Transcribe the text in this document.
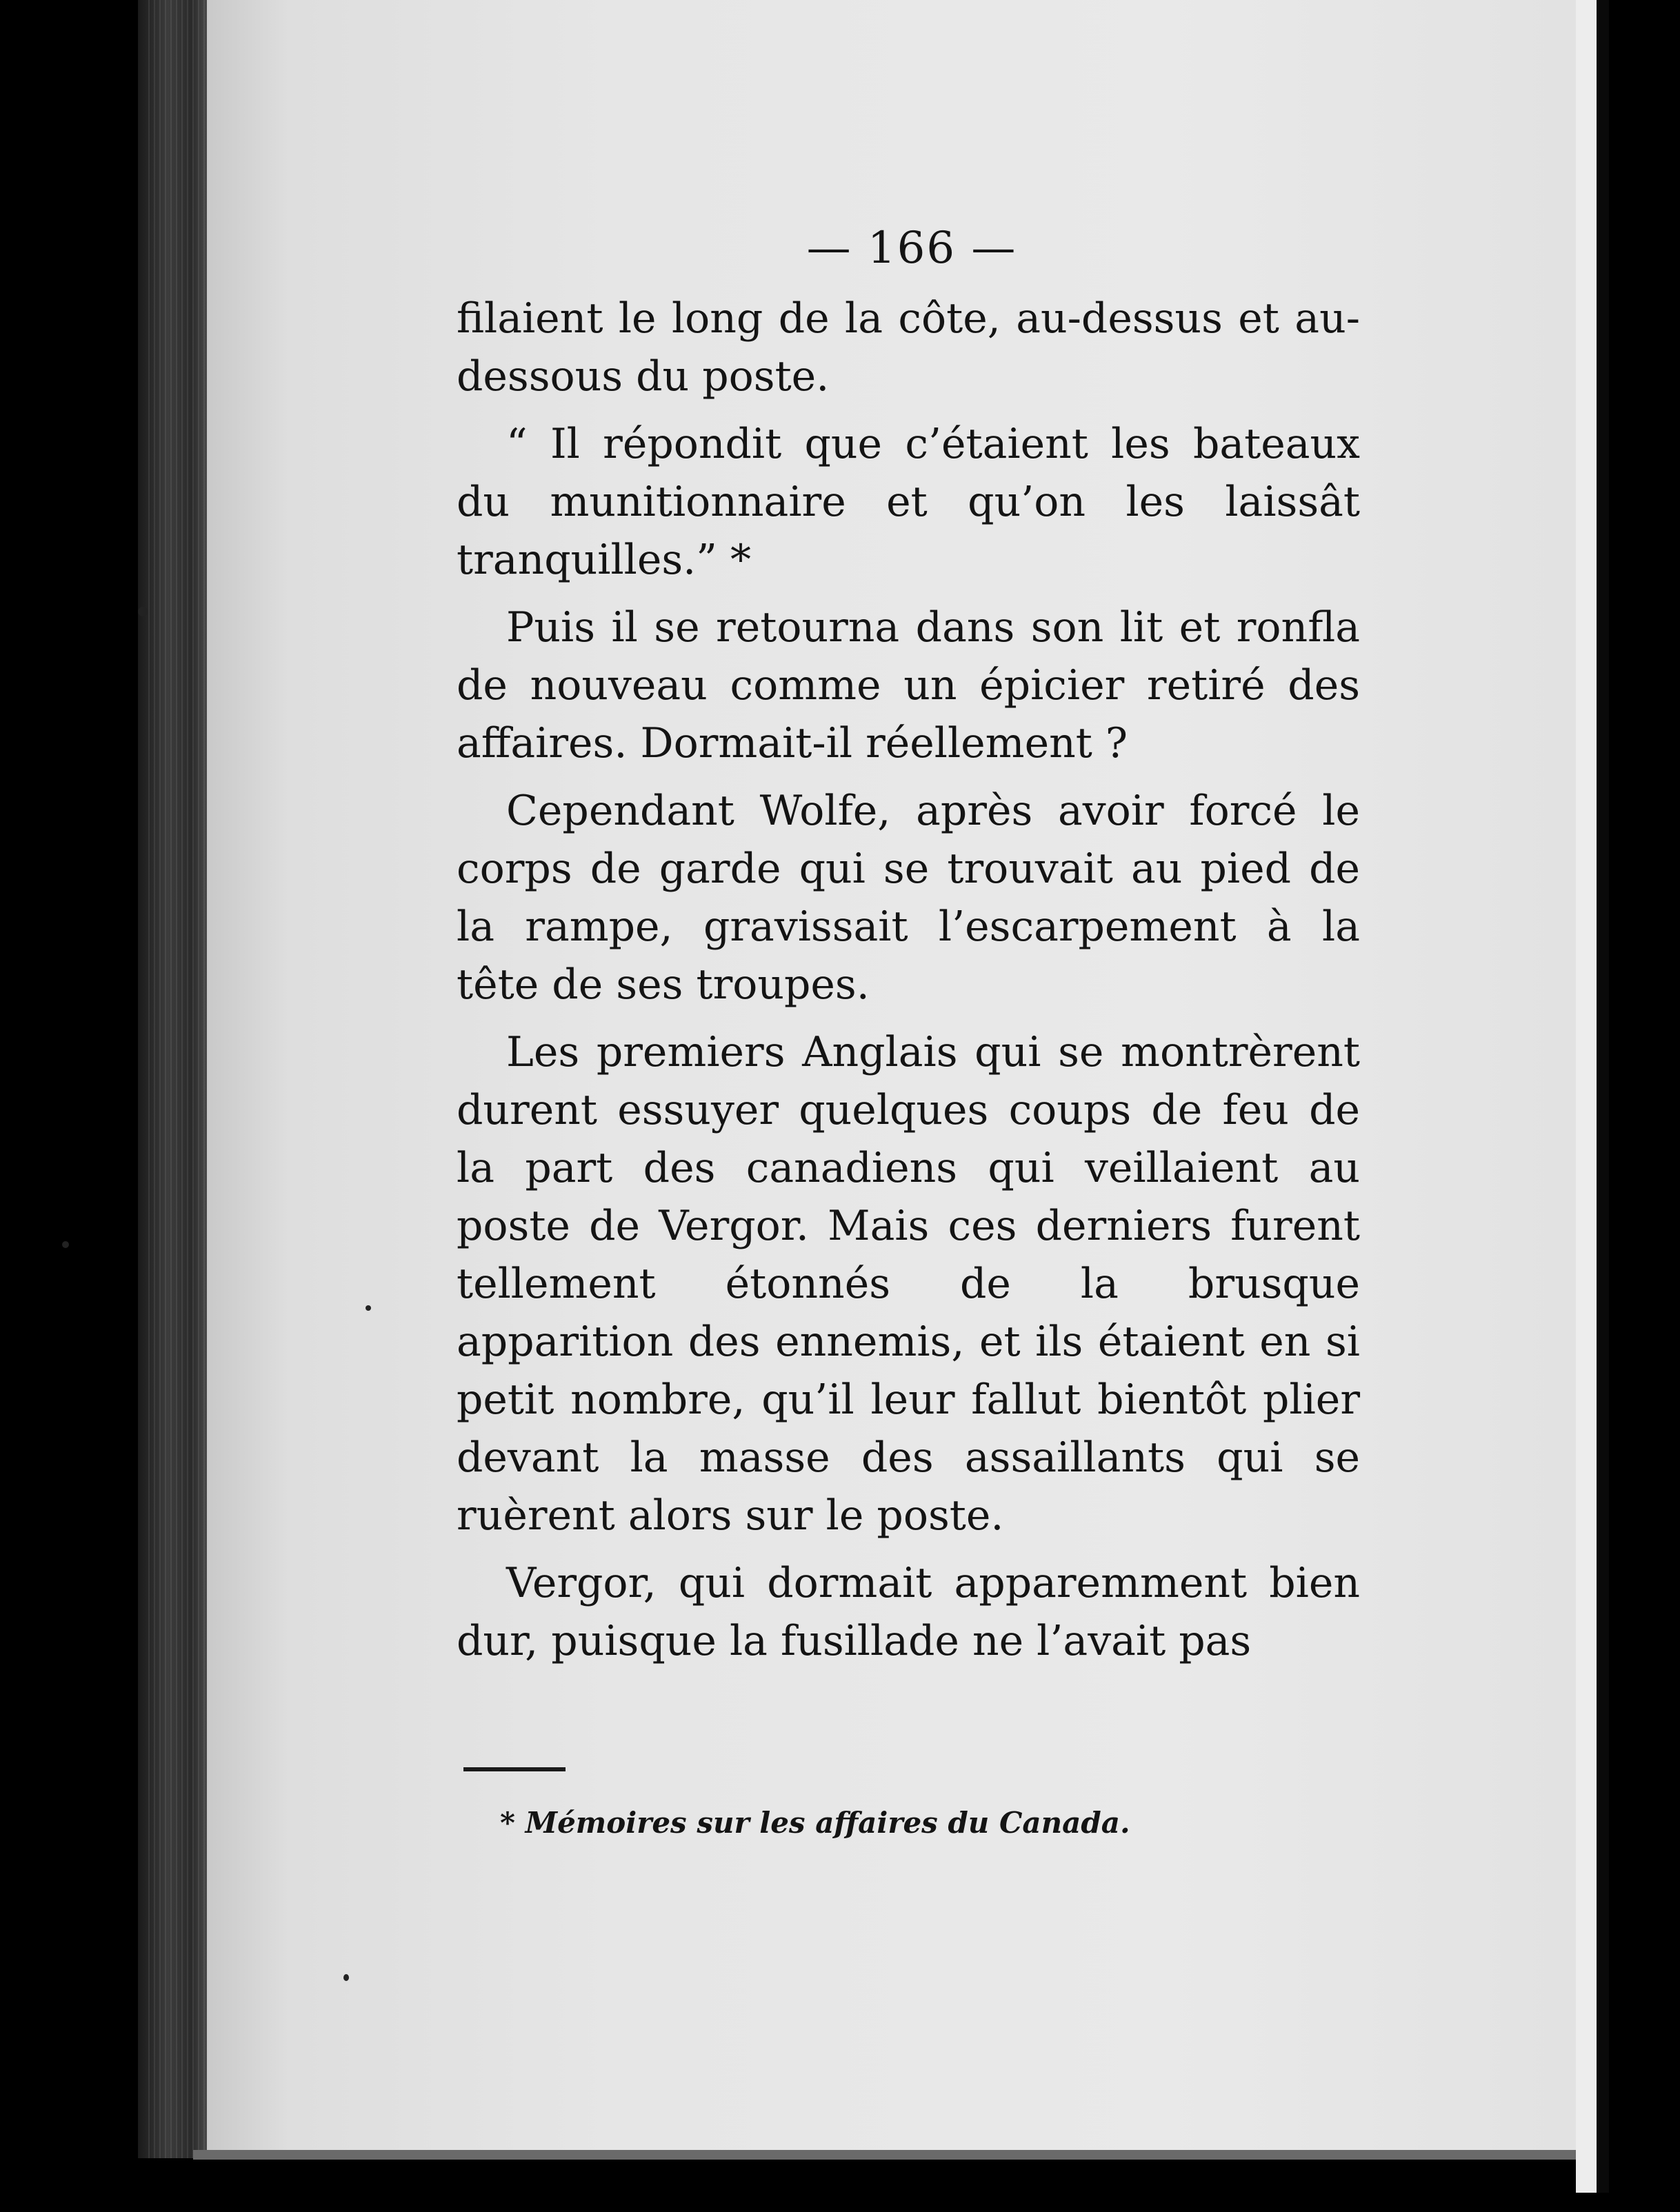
— 166 —

filaient le long de la côte, au-dessus et au-dessous du poste.

“ Il répondit que c’étaient les bateaux du munitionnaire et qu’on les laissât tranquilles.” *

Puis il se retourna dans son lit et ronfla de nouveau comme un épicier retiré des affaires. Dormait-il réellement ?

Cependant Wolfe, après avoir forcé le corps de garde qui se trouvait au pied de la rampe, gravissait l’escarpement à la tête de ses troupes.

Les premiers Anglais qui se montrèrent durent essuyer quelques coups de feu de la part des canadiens qui veillaient au poste de Vergor. Mais ces derniers furent tellement étonnés de la brusque apparition des ennemis, et ils étaient en si petit nombre, qu’il leur fallut bientôt plier devant la masse des assaillants qui se ruèrent alors sur le poste.

Vergor, qui dormait apparemment bien dur, puisque la fusillade ne l’avait pas

* Mémoires sur les affaires du Canada.
